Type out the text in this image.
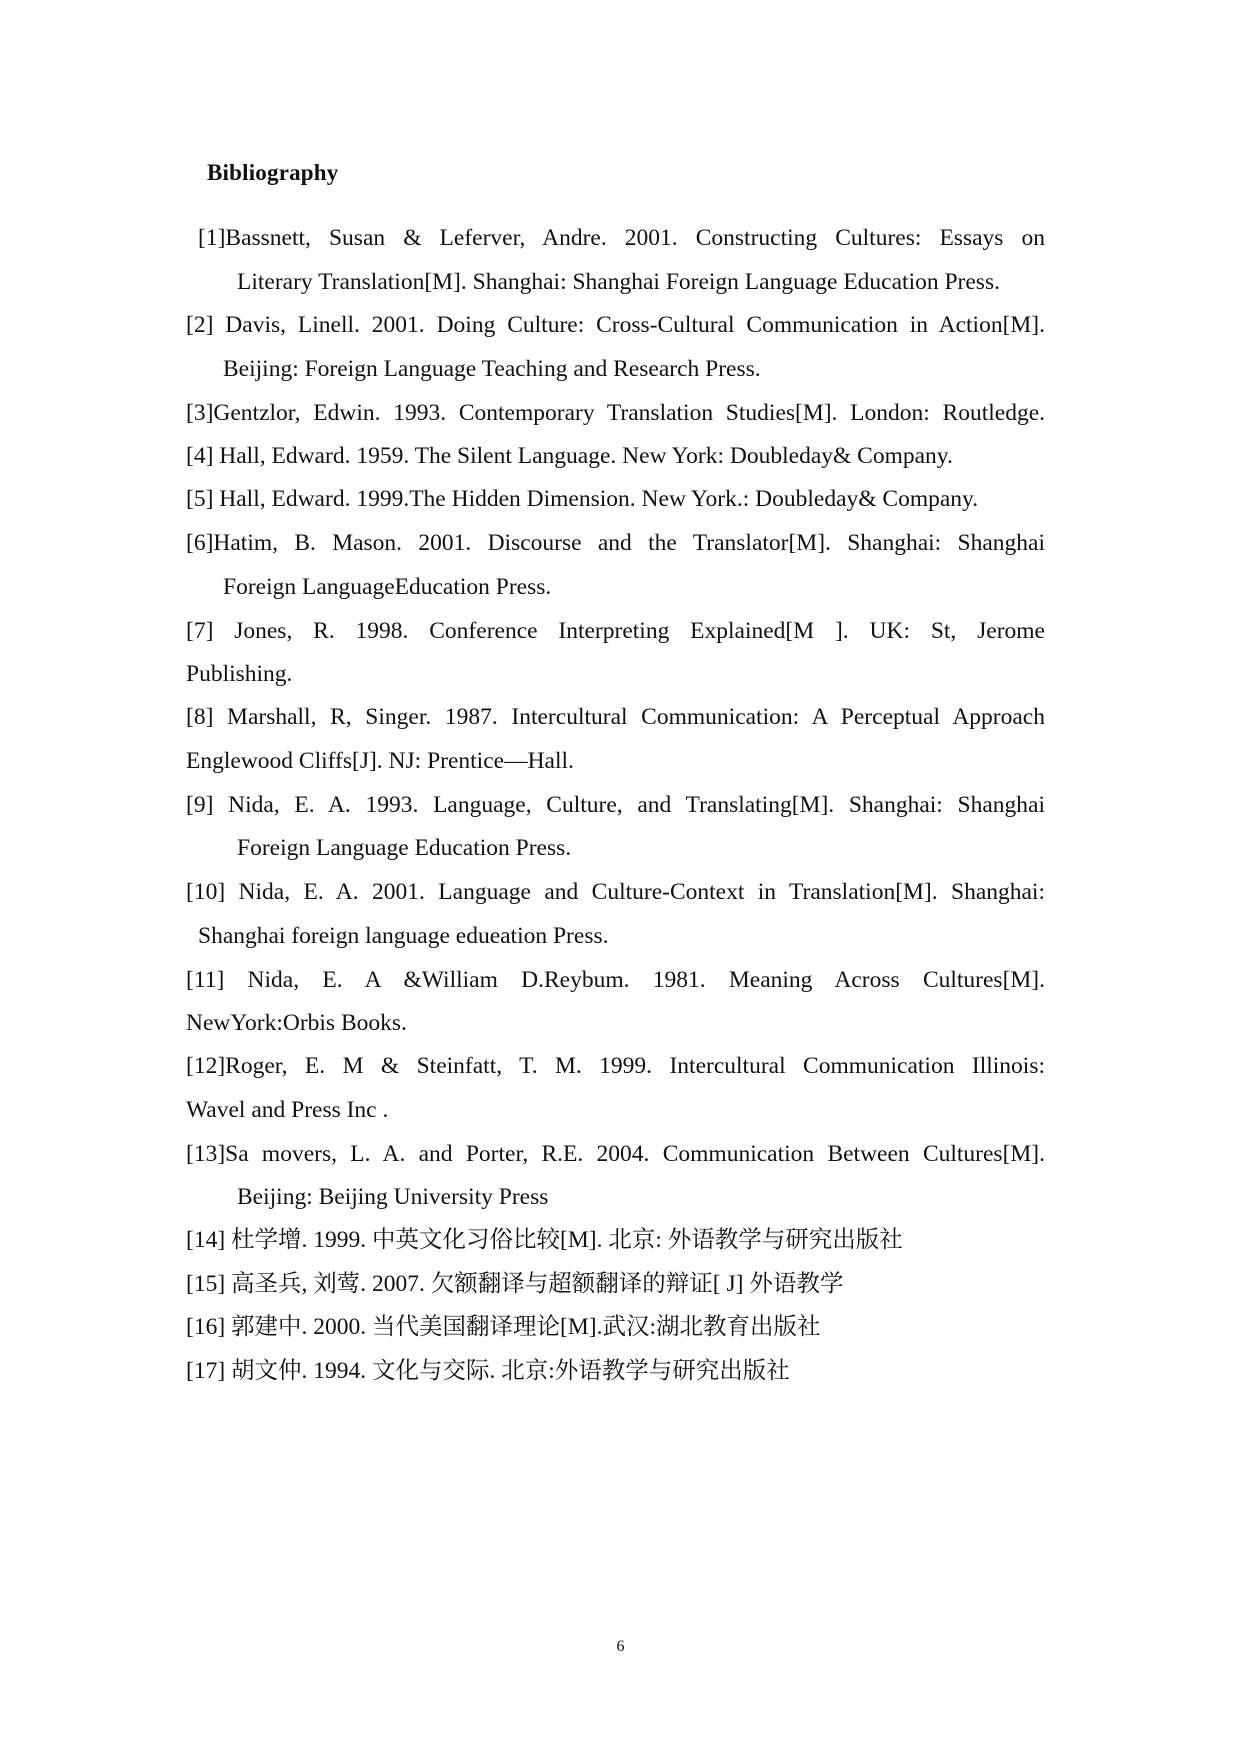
Bibliography
[1]Bassnett, Susan & Leferver, Andre. 2001. Constructing Cultures: Essays on
Literary Translation[M]. Shanghai: Shanghai Foreign Language Education Press.
[2] Davis, Linell. 2001. Doing Culture: Cross-Cultural Communication in Action[M].
Beijing: Foreign Language Teaching and Research Press.
[3]Gentzlor, Edwin. 1993. Contemporary Translation Studies[M]. London: Routledge.
[4] Hall, Edward. 1959. The Silent Language. New York: Doubleday& Company.
[5] Hall, Edward. 1999.The Hidden Dimension. New York.: Doubleday& Company.
[6]Hatim, B. Mason. 2001. Discourse and the Translator[M]. Shanghai: Shanghai
Foreign LanguageEducation Press.
[7] Jones, R. 1998. Conference Interpreting Explained[M ]. UK: St, Jerome
Publishing.
[8] Marshall, R, Singer. 1987. Intercultural Communication: A Perceptual Approach
Englewood Cliffs[J]. NJ: Prentice—Hall.
[9] Nida, E. A. 1993. Language, Culture, and Translating[M]. Shanghai: Shanghai
Foreign Language Education Press.
[10] Nida, E. A. 2001. Language and Culture-Context in Translation[M]. Shanghai:
Shanghai foreign language edueation Press.
[11] Nida, E. A &William D.Reybum. 1981. Meaning Across Cultures[M].
NewYork:Orbis Books.
[12]Roger, E. M & Steinfatt, T. M. 1999. Intercultural Communication Illinois:
Wavel and Press Inc .
[13]Sa movers, L. A. and Porter, R.E. 2004. Communication Between Cultures[M].
Beijing: Beijing University Press
[14] 杜学增. 1999. 中英文化习俗比较[M]. 北京: 外语教学与研究出版社
[15] 高圣兵, 刘莺. 2007. 欠额翻译与超额翻译的辩证[ J] 外语教学
[16] 郭建中. 2000. 当代美国翻译理论[M].武汉:湖北教育出版社
[17] 胡文仲. 1994. 文化与交际. 北京:外语教学与研究出版社
6
